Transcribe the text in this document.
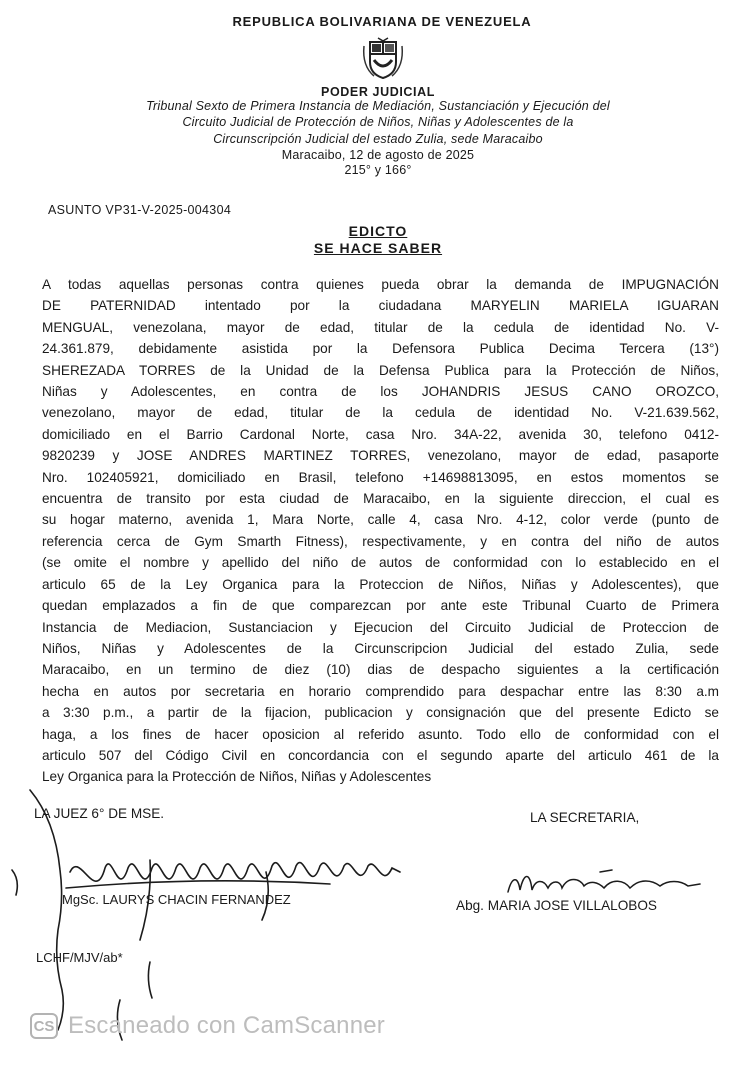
REPUBLICA BOLIVARIANA DE VENEZUELA
PODER JUDICIAL
Tribunal Sexto de Primera Instancia de Mediación, Sustanciación y Ejecución del
Circuito Judicial de Protección de Niños, Niñas y Adolescentes de la
Circunscripción Judicial del estado Zulia, sede Maracaibo
Maracaibo, 12 de agosto de 2025
215° y 166°
ASUNTO VP31-V-2025-004304
EDICTO
SE HACE SABER
A todas aquellas personas contra quienes pueda obrar la demanda de IMPUGNACIÓN
DE PATERNIDAD intentado por la ciudadana MARYELIN MARIELA IGUARAN
MENGUAL, venezolana, mayor de edad, titular de la cedula de identidad No. V-
24.361.879, debidamente asistida por la Defensora Publica Decima Tercera (13°)
SHEREZADA TORRES de la Unidad de la Defensa Publica para la Protección de Niños,
Niñas y Adolescentes, en contra de los JOHANDRIS JESUS CANO OROZCO,
venezolano, mayor de edad, titular de la cedula de identidad No. V-21.639.562,
domiciliado en el Barrio Cardonal Norte, casa Nro. 34A-22, avenida 30, telefono 0412-
9820239 y JOSE ANDRES MARTINEZ TORRES, venezolano, mayor de edad, pasaporte
Nro. 102405921, domiciliado en Brasil, telefono +14698813095, en estos momentos se
encuentra de transito por esta ciudad de Maracaibo, en la siguiente direccion, el cual es
su hogar materno, avenida 1, Mara Norte, calle 4, casa Nro. 4-12, color verde (punto de
referencia cerca de Gym Smarth Fitness), respectivamente, y en contra del niño de autos
(se omite el nombre y apellido del niño de autos de conformidad con lo establecido en el
articulo 65 de la Ley Organica para la Proteccion de Niños, Niñas y Adolescentes), que
quedan emplazados a fin de que comparezcan por ante este Tribunal Cuarto de Primera
Instancia de Mediacion, Sustanciacion y Ejecucion del Circuito Judicial de Proteccion de
Niños, Niñas y Adolescentes de la Circunscripcion Judicial del estado Zulia, sede
Maracaibo, en un termino de diez (10) dias de despacho siguientes a la certificación
hecha en autos por secretaria en horario comprendido para despachar entre las 8:30 a.m
a 3:30 p.m., a partir de la fijacion, publicacion y consignación que del presente Edicto se
haga, a los fines de hacer oposicion al referido asunto. Todo ello de conformidad con el
articulo 507 del Código Civil en concordancia con el segundo aparte del articulo 461 de la
Ley Organica para la Protección de Niños, Niñas y Adolescentes
LA JUEZ 6° DE MSE.	LA SECRETARIA,
MgSc. LAURYS CHACIN FERNANDEZ	Abg. MARIA JOSE VILLALOBOS
LCHF/MJV/ab*
CS Escaneado con CamScanner
